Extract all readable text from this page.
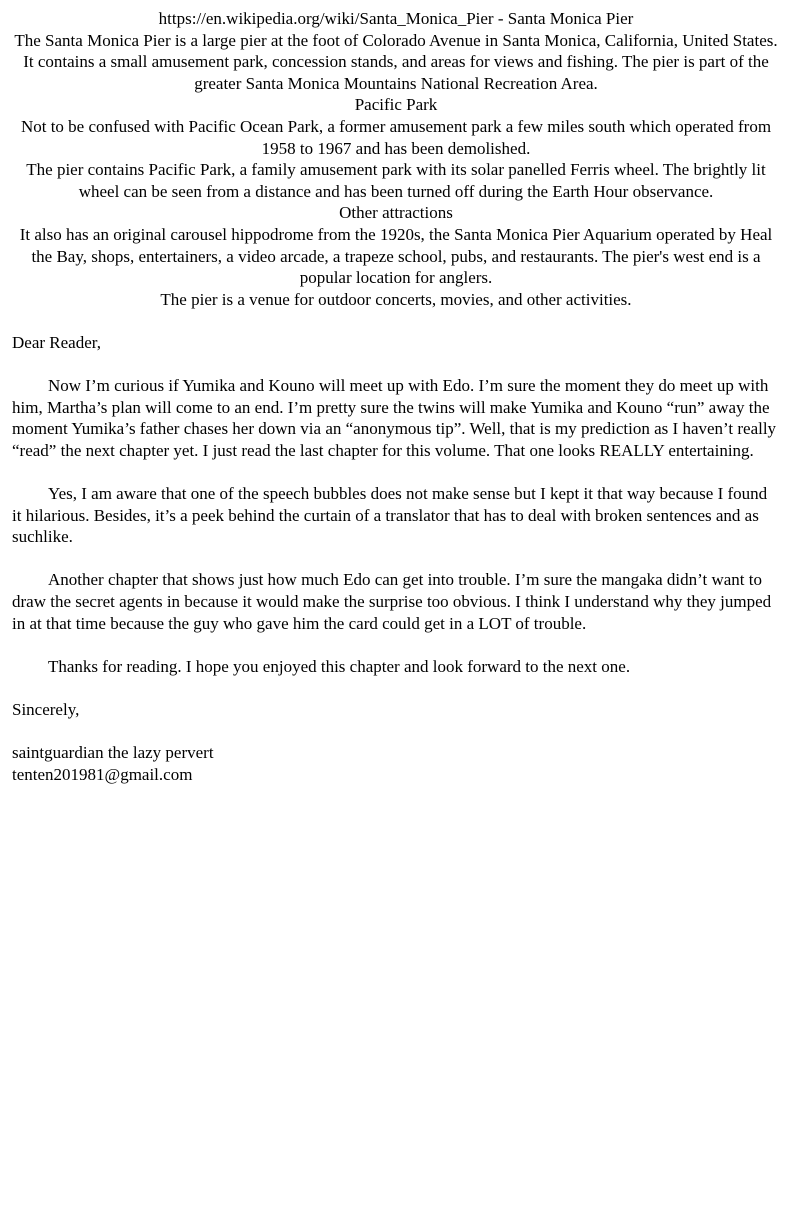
https://en.wikipedia.org/wiki/Santa_Monica_Pier - Santa Monica Pier

The Santa Monica Pier is a large pier at the foot of Colorado Avenue in Santa Monica, California, United States. It contains a small amusement park, concession stands, and areas for views and fishing. The pier is part of the greater Santa Monica Mountains National Recreation Area.

Pacific Park

Not to be confused with Pacific Ocean Park, a former amusement park a few miles south which operated from 1958 to 1967 and has been demolished.

The pier contains Pacific Park, a family amusement park with its solar panelled Ferris wheel. The brightly lit wheel can be seen from a distance and has been turned off during the Earth Hour observance.

Other attractions

It also has an original carousel hippodrome from the 1920s, the Santa Monica Pier Aquarium operated by Heal the Bay, shops, entertainers, a video arcade, a trapeze school, pubs, and restaurants. The pier's west end is a popular location for anglers.

The pier is a venue for outdoor concerts, movies, and other activities.

Dear Reader,

Now I’m curious if Yumika and Kouno will meet up with Edo. I’m sure the moment they do meet up with him, Martha’s plan will come to an end. I’m pretty sure the twins will make Yumika and Kouno “run” away the moment Yumika’s father chases her down via an “anonymous tip”. Well, that is my prediction as I haven’t really “read” the next chapter yet. I just read the last chapter for this volume. That one looks REALLY entertaining.

Yes, I am aware that one of the speech bubbles does not make sense but I kept it that way because I found it hilarious. Besides, it’s a peek behind the curtain of a translator that has to deal with broken sentences and as suchlike.

Another chapter that shows just how much Edo can get into trouble. I’m sure the mangaka didn’t want to draw the secret agents in because it would make the surprise too obvious. I think I understand why they jumped in at that time because the guy who gave him the card could get in a LOT of trouble.

Thanks for reading. I hope you enjoyed this chapter and look forward to the next one.

Sincerely,

saintguardian the lazy pervert

tenten201981@gmail.com
